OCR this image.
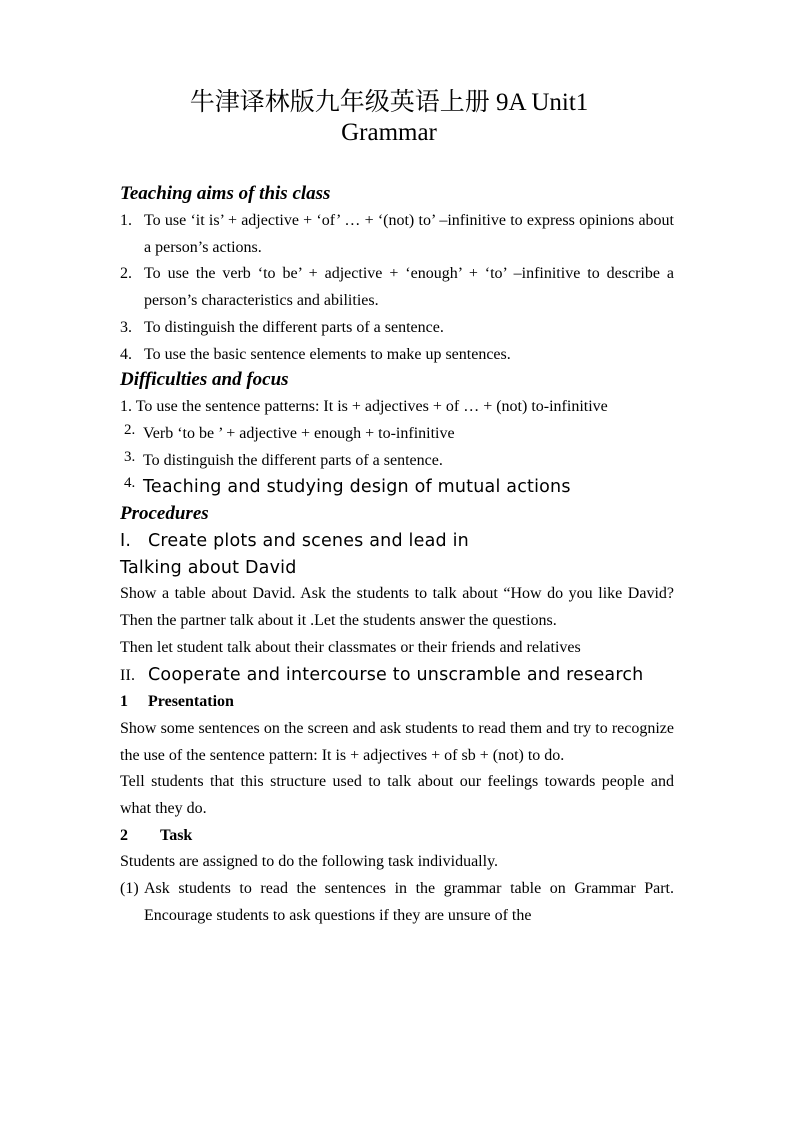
牛津译林版九年级英语上册 9A Unit1
Grammar
Teaching aims of this class
1. To use ‘it is’ + adjective + ‘of’ … + ‘(not) to’ –infinitive to express opinions about a person’s actions.
2. To use the verb ‘to be’ + adjective + ‘enough’ + ‘to’ –infinitive to describe a person’s characteristics and abilities.
3. To distinguish the different parts of a sentence.
4. To use the basic sentence elements to make up sentences.
Difficulties and focus

1. To use the sentence patterns: It is + adjectives + of … + (not) to-infinitive

2. Verb ‘to be ’ + adjective + enough + to-infinitive

3. To distinguish the different parts of a sentence.

4. Teaching and studying design of mutual actions

Procedures

I. Create plots and scenes and lead in

Talking about David

Show a table about David. Ask the students to talk about “How do you like David? Then the partner talk about it .Let the students answer the questions.

Then let student talk about their classmates or their friends and relatives

II. Cooperate and intercourse to unscramble and research

1 Presentation

Show some sentences on the screen and ask students to read them and try to recognize the use of the sentence pattern: It is + adjectives + of sb + (not) to do.

Tell students that this structure used to talk about our feelings towards people and what they do.

2 Task

Students are assigned to do the following task individually.

(1) Ask students to read the sentences in the grammar table on Grammar Part. Encourage students to ask questions if they are unsure of the
